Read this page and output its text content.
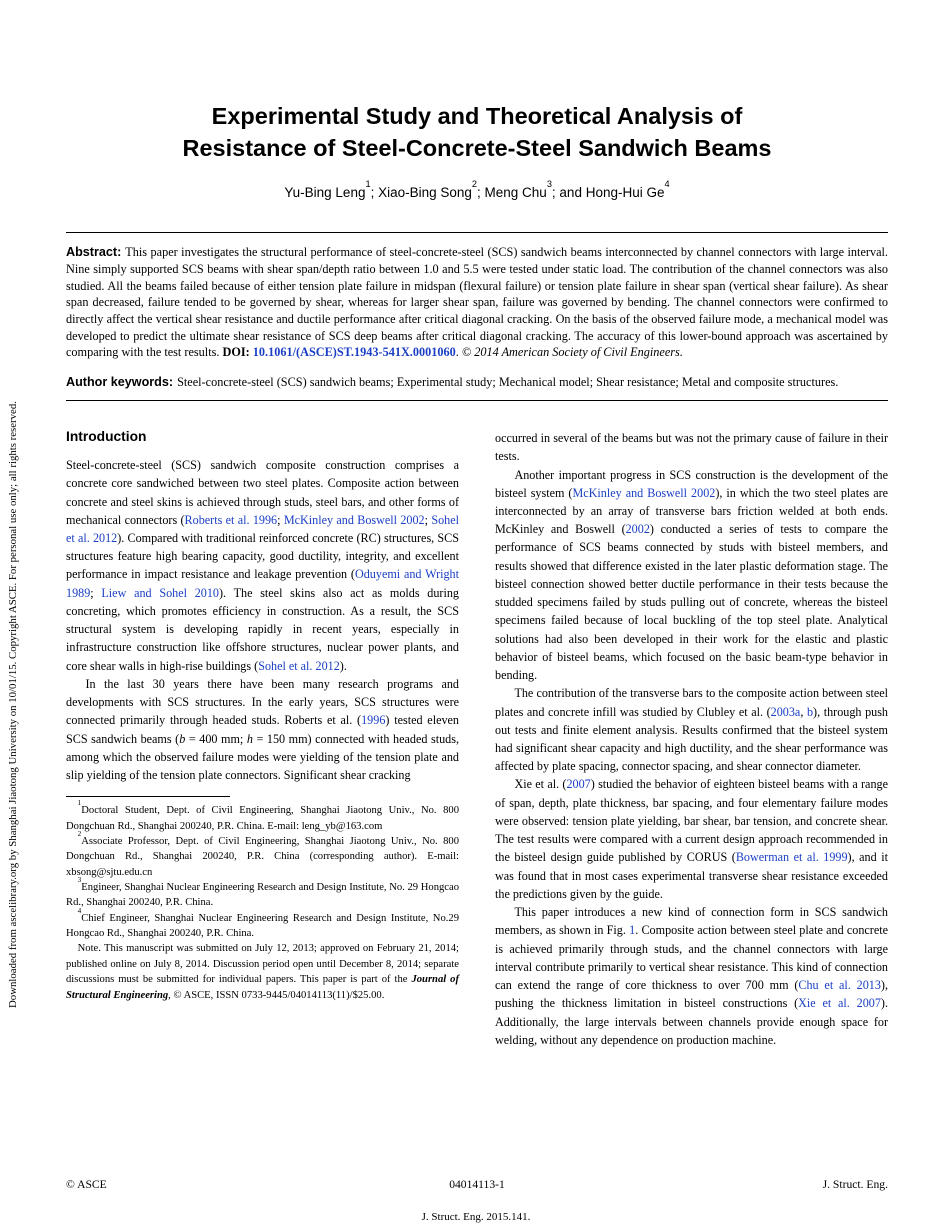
Downloaded from ascelibrary.org by Shanghai Jiaotong University on 10/01/15. Copyright ASCE. For personal use only; all rights reserved.
Experimental Study and Theoretical Analysis of
Resistance of Steel-Concrete-Steel Sandwich Beams
Yu-Bing Leng$^1$; Xiao-Bing Song$^2$; Meng Chu$^3$; and Hong-Hui Ge$^4$

Abstract: This paper investigates the structural performance of steel-concrete-steel (SCS) sandwich beams interconnected by channel connectors with large interval. Nine simply supported SCS beams with shear span/depth ratio between 1.0 and 5.5 were tested under static load. The contribution of the channel connectors was also studied. All the beams failed because of either tension plate failure in midspan (flexural failure) or tension plate failure in shear span (vertical shear failure). As shear span decreased, failure tended to be governed by shear, whereas for larger shear span, failure was governed by bending. The channel connectors were confirmed to directly affect the vertical shear resistance and ductile performance after critical diagonal cracking. On the basis of the observed failure mode, a mechanical model was developed to predict the ultimate shear resistance of SCS deep beams after critical diagonal cracking. The accuracy of this lower-bound approach was ascertained by comparing with the test results. DOI: 10.1061/(ASCE)ST.1943-541X.0001060. © 2014 American Society of Civil Engineers.

Author keywords: Steel-concrete-steel (SCS) sandwich beams; Experimental study; Mechanical model; Shear resistance; Metal and composite structures.

Introduction

Steel-concrete-steel (SCS) sandwich composite construction comprises a concrete core sandwiched between two steel plates. Composite action between concrete and steel skins is achieved through studs, steel bars, and other forms of mechanical connectors (Roberts et al. 1996; McKinley and Boswell 2002; Sohel et al. 2012). Compared with traditional reinforced concrete (RC) structures, SCS structures feature high bearing capacity, good ductility, integrity, and excellent performance in impact resistance and leakage prevention (Oduyemi and Wright 1989; Liew and Sohel 2010). The steel skins also act as molds during concreting, which promotes efficiency in construction. As a result, the SCS structural system is developing rapidly in recent years, especially in infrastructure construction like offshore structures, nuclear power plants, and core shear walls in high-rise buildings (Sohel et al. 2012).

In the last 30 years there have been many research programs and developments with SCS structures. In the early years, SCS structures were connected primarily through headed studs. Roberts et al. (1996) tested eleven SCS sandwich beams (b = 400 mm; h = 150 mm) connected with headed studs, among which the observed failure modes were yielding of the tension plate and slip yielding of the tension plate connectors. Significant shear cracking

$^1$Doctoral Student, Dept. of Civil Engineering, Shanghai Jiaotong Univ., No. 800 Dongchuan Rd., Shanghai 200240, P.R. China. E-mail: leng_yb@163.com

$^2$Associate Professor, Dept. of Civil Engineering, Shanghai Jiaotong Univ., No. 800 Dongchuan Rd., Shanghai 200240, P.R. China (corresponding author). E-mail: xbsong@sjtu.edu.cn

$^3$Engineer, Shanghai Nuclear Engineering Research and Design Institute, No. 29 Hongcao Rd., Shanghai 200240, P.R. China.

$^4$Chief Engineer, Shanghai Nuclear Engineering Research and Design Institute, No.29 Hongcao Rd., Shanghai 200240, P.R. China.

Note. This manuscript was submitted on July 12, 2013; approved on February 21, 2014; published online on July 8, 2014. Discussion period open until December 8, 2014; separate discussions must be submitted for individual papers. This paper is part of the Journal of Structural Engineering, © ASCE, ISSN 0733-9445/04014113(11)/$25.00.

occurred in several of the beams but was not the primary cause of failure in their tests.

Another important progress in SCS construction is the development of the bisteel system (McKinley and Boswell 2002), in which the two steel plates are interconnected by an array of transverse bars friction welded at both ends. McKinley and Boswell (2002) conducted a series of tests to compare the performance of SCS beams connected by studs with bisteel members, and results showed that difference existed in the later plastic deformation stage. The bisteel connection showed better ductile performance in their tests because the studded specimens failed by studs pulling out of concrete, whereas the bisteel specimens failed because of local buckling of the top steel plate. Analytical solutions had also been developed in their work for the elastic and plastic behavior of bisteel beams, which focused on the basic beam-type behavior in bending.

The contribution of the transverse bars to the composite action between steel plates and concrete infill was studied by Clubley et al. (2003a, b), through push out tests and finite element analysis. Results confirmed that the bisteel system had significant shear capacity and high ductility, and the shear performance was affected by plate spacing, connector spacing, and shear connector diameter.

Xie et al. (2007) studied the behavior of eighteen bisteel beams with a range of span, depth, plate thickness, bar spacing, and four elementary failure modes were observed: tension plate yielding, bar shear, bar tension, and concrete shear. The test results were compared with a current design approach recommended in the bisteel design guide published by CORUS (Bowerman et al. 1999), and it was found that in most cases experimental transverse shear resistance exceeded the predictions given by the guide.

This paper introduces a new kind of connection form in SCS sandwich members, as shown in Fig. 1. Composite action between steel plate and concrete is achieved primarily through studs, and the channel connectors with large interval contribute primarily to vertical shear resistance. This kind of connection can extend the range of core thickness to over 700 mm (Chu et al. 2013), pushing the thickness limitation in bisteel constructions (Xie et al. 2007). Additionally, the large intervals between channels provide enough space for welding, without any dependence on production machine.

© ASCE	04014113-1	J. Struct. Eng.
J. Struct. Eng. 2015.141.
